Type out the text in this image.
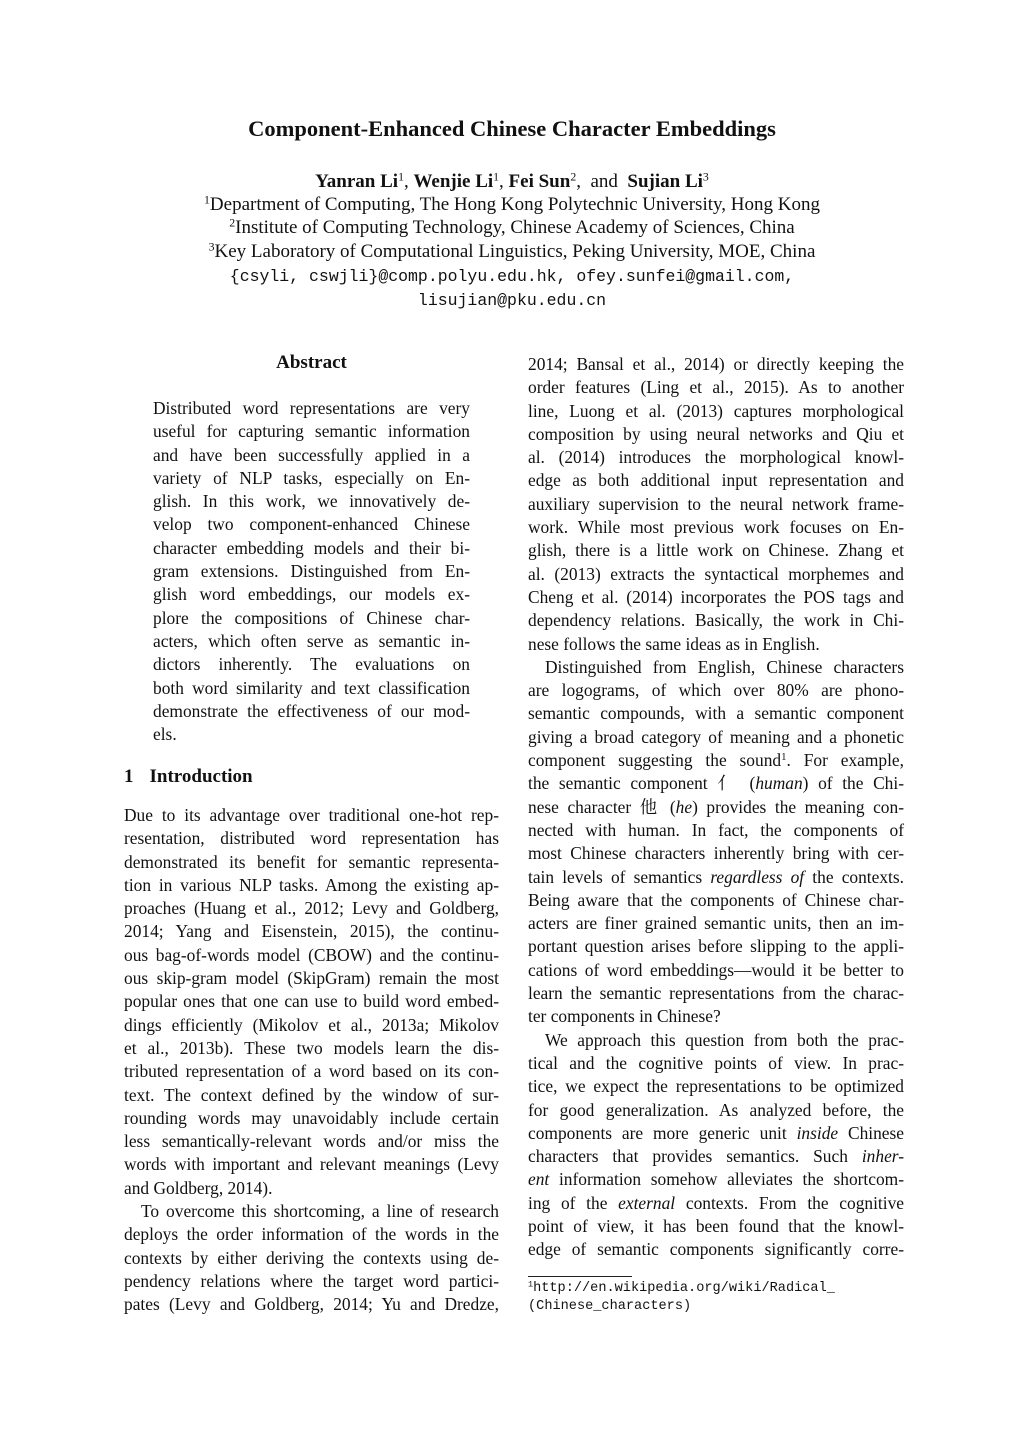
Component-Enhanced Chinese Character Embeddings
Yanran Li$^1$, Wenjie Li$^1$, Fei Sun$^2$,  and Sujian Li$^3$
$^1$Department of Computing, The Hong Kong Polytechnic University, Hong Kong
$^2$Institute of Computing Technology, Chinese Academy of Sciences, China
$^3$Key Laboratory of Computational Linguistics, Peking University, MOE, China
{csyli, cswjli}@comp.polyu.edu.hk, ofey.sunfei@gmail.com,
lisujian@pku.edu.cn
Abstract
Distributed word representations are very
useful for capturing semantic information
and have been successfully applied in a
variety of NLP tasks, especially on En-
glish. In this work, we innovatively de-
velop two component-enhanced Chinese
character embedding models and their bi-
gram extensions. Distinguished from En-
glish word embeddings, our models ex-
plore the compositions of Chinese char-
acters, which often serve as semantic in-
dictors inherently. The evaluations on
both word similarity and text classification
demonstrate the effectiveness of our mod-
els.
1 Introduction
Due to its advantage over traditional one-hot rep-
resentation, distributed word representation has
demonstrated its benefit for semantic representa-
tion in various NLP tasks. Among the existing ap-
proaches (Huang et al., 2012; Levy and Goldberg,
2014; Yang and Eisenstein, 2015), the continu-
ous bag-of-words model (CBOW) and the continu-
ous skip-gram model (SkipGram) remain the most
popular ones that one can use to build word embed-
dings efficiently (Mikolov et al., 2013a; Mikolov
et al., 2013b). These two models learn the dis-
tributed representation of a word based on its con-
text. The context defined by the window of sur-
rounding words may unavoidably include certain
less semantically-relevant words and/or miss the
words with important and relevant meanings (Levy
and Goldberg, 2014).
To overcome this shortcoming, a line of research
deploys the order information of the words in the
contexts by either deriving the contexts using de-
pendency relations where the target word partici-
pates (Levy and Goldberg, 2014; Yu and Dredze,
2014; Bansal et al., 2014) or directly keeping the
order features (Ling et al., 2015). As to another
line, Luong et al. (2013) captures morphological
composition by using neural networks and Qiu et
al. (2014) introduces the morphological knowl-
edge as both additional input representation and
auxiliary supervision to the neural network frame-
work. While most previous work focuses on En-
glish, there is a little work on Chinese. Zhang et
al. (2013) extracts the syntactical morphemes and
Cheng et al. (2014) incorporates the POS tags and
dependency relations. Basically, the work in Chi-
nese follows the same ideas as in English.
Distinguished from English, Chinese characters
are logograms, of which over 80% are phono-
semantic compounds, with a semantic component
giving a broad category of meaning and a phonetic
component suggesting the sound$^1$. For example,
the semantic component 亻 (human) of the Chi-
nese character 他 (he) provides the meaning con-
nected with human. In fact, the components of
most Chinese characters inherently bring with cer-
tain levels of semantics regardless of the contexts.
Being aware that the components of Chinese char-
acters are finer grained semantic units, then an im-
portant question arises before slipping to the appli-
cations of word embeddings—would it be better to
learn the semantic representations from the charac-
ter components in Chinese?
We approach this question from both the prac-
tical and the cognitive points of view. In prac-
tice, we expect the representations to be optimized
for good generalization. As analyzed before, the
components are more generic unit inside Chinese
characters that provides semantics. Such inher-
ent information somehow alleviates the shortcom-
ing of the external contexts. From the cognitive
point of view, it has been found that the knowl-
edge of semantic components significantly corre-
$^1$http://en.wikipedia.org/wiki/Radical_
(Chinese_characters)
